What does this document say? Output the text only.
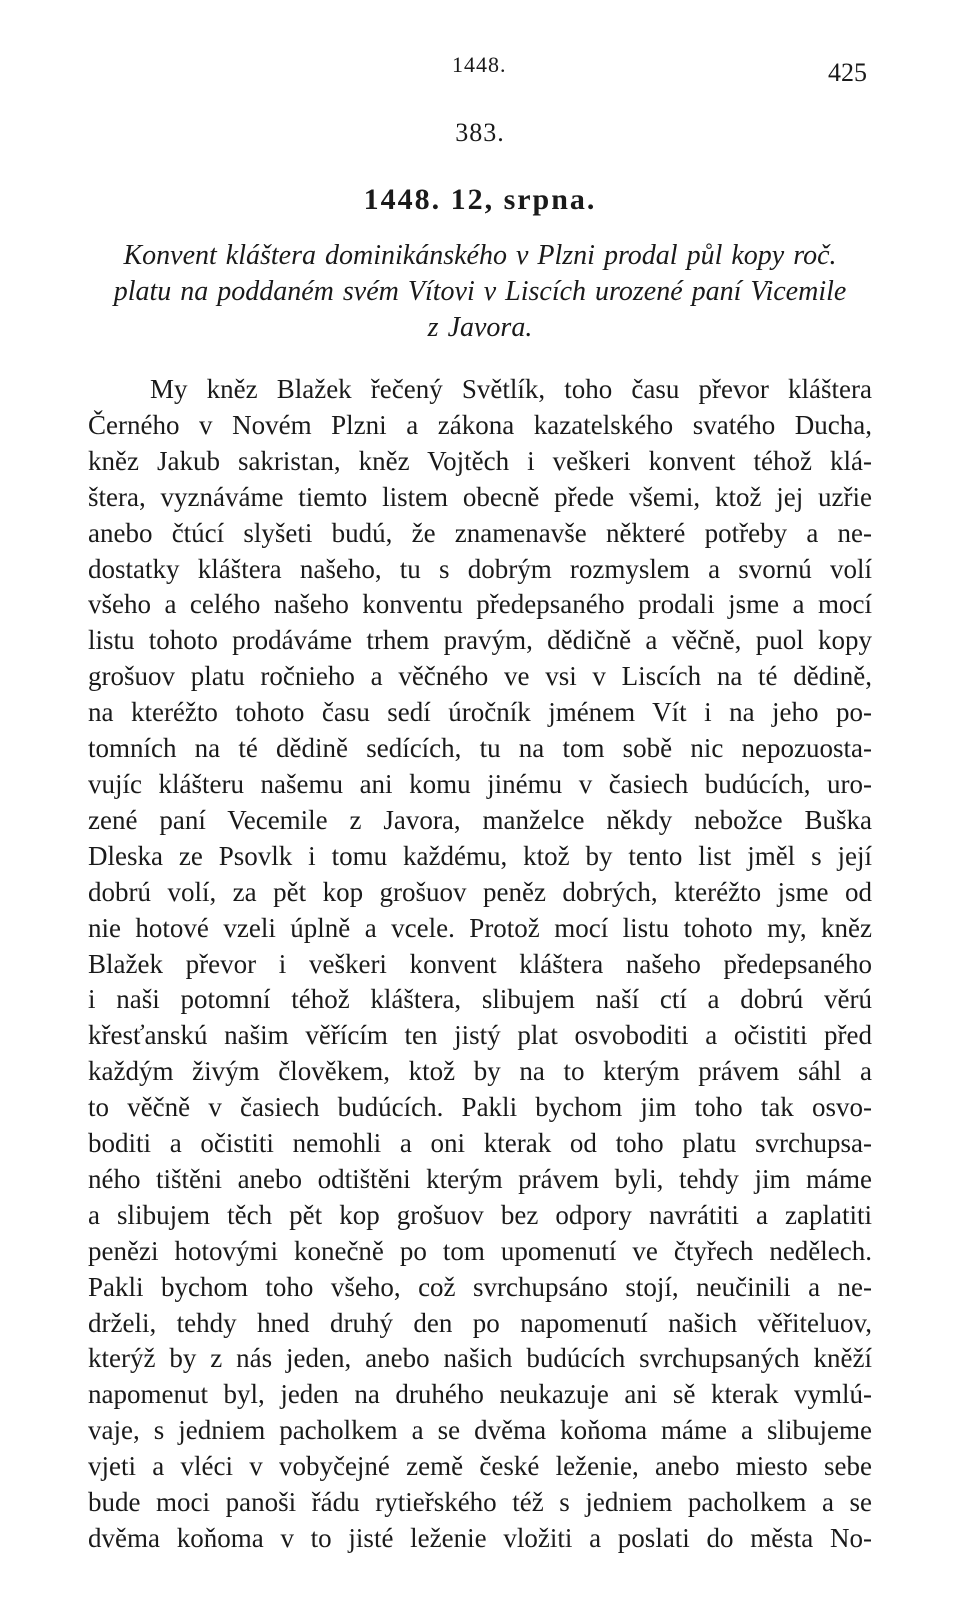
1448.	425
383.
1448. 12, srpna.
Konvent kláštera dominikánského v Plzni prodal půl kopy roč.
platu na poddaném svém Vítovi v Liscích urozené paní Vicemile
z Javora.
My kněz Blažek řečený Světlík, toho času převor kláštera
Černého v Novém Plzni a zákona kazatelského svatého Ducha,
kněz Jakub sakristan, kněz Vojtěch i veškeri konvent téhož klá-
štera, vyznáváme tiemto listem obecně přede všemi, ktož jej uzřie
anebo čtúcí slyšeti budú, že znamenavše některé potřeby a ne-
dostatky kláštera našeho, tu s dobrým rozmyslem a svornú volí
všeho a celého našeho konventu předepsaného prodali jsme a mocí
listu tohoto prodáváme trhem pravým, dědičně a věčně, puol kopy
grošuov platu ročnieho a věčného ve vsi v Liscích na té dědině,
na kteréžto tohoto času sedí úročník jménem Vít i na jeho po-
tomních na té dědině sedících, tu na tom sobě nic nepozuosta-
vujíc klášteru našemu ani komu jinému v časiech budúcích, uro-
zené paní Vecemile z Javora, manželce někdy nebožce Buška
Dleska ze Psovlk i tomu každému, ktož by tento list jměl s její
dobrú volí, za pět kop grošuov peněz dobrých, kteréžto jsme od
nie hotové vzeli úplně a vcele. Protož mocí listu tohoto my, kněz
Blažek převor i veškeri konvent kláštera našeho předepsaného
i naši potomní téhož kláštera, slibujem naší ctí a dobrú věrú
křesťanskú našim věřícím ten jistý plat osvoboditi a očistiti před
každým živým člověkem, ktož by na to kterým právem sáhl a
to věčně v časiech budúcích. Pakli bychom jim toho tak osvo-
boditi a očistiti nemohli a oni kterak od toho platu svrchupsa-
ného tištěni anebo odtištěni kterým právem byli, tehdy jim máme
a slibujem těch pět kop grošuov bez odpory navrátiti a zaplatiti
penězi hotovými konečně po tom upomenutí ve čtyřech nedělech.
Pakli bychom toho všeho, což svrchupsáno stojí, neučinili a ne-
drželi, tehdy hned druhý den po napomenutí našich věřiteluov,
kterýž by z nás jeden, anebo našich budúcích svrchupsaných kněží
napomenut byl, jeden na druhého neukazuje ani sě kterak vymlú-
vaje, s jedniem pacholkem a se dvěma koňoma máme a slibujeme
vjeti a vléci v vobyčejné země české leženie, anebo miesto sebe
bude moci panoši řádu rytieřského též s jedniem pacholkem a se
dvěma koňoma v to jisté leženie vložiti a poslati do města No-
